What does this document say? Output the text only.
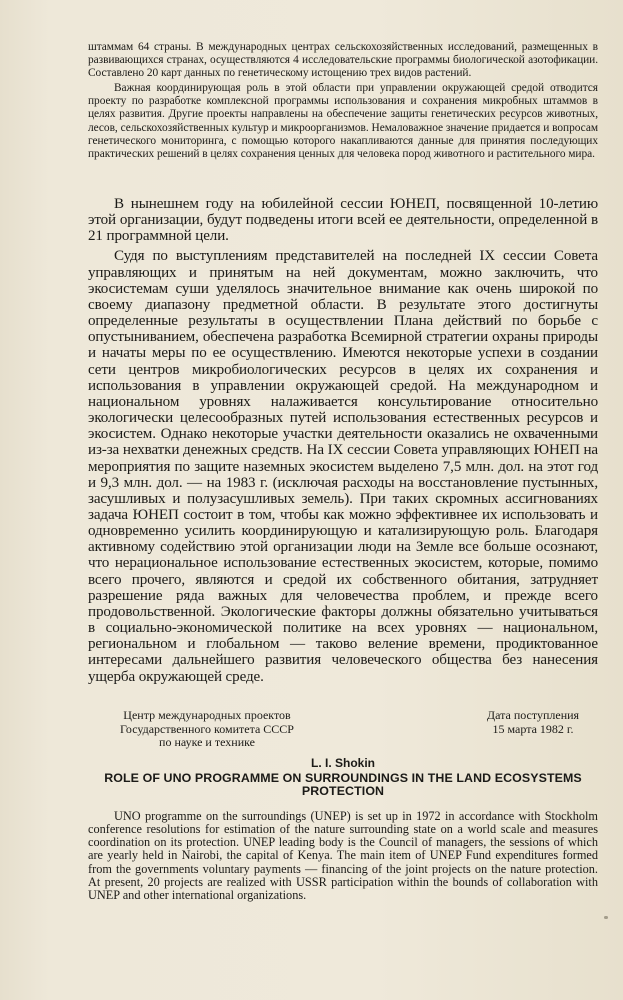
штаммам 64 страны. В международных центрах сельскохозяйственных исследований, размещенных в развивающихся странах, осуществляются 4 исследовательские программы биологической азотофикации. Составлено 20 карт данных по генетическому истощению трех видов растений.

Важная координирующая роль в этой области при управлении окружающей средой отводится проекту по разработке комплексной программы использования и сохранения микробных штаммов в целях развития. Другие проекты направлены на обеспечение защиты генетических ресурсов животных, лесов, сельскохозяйственных культур и микроорганизмов. Немаловажное значение придается и вопросам генетического мониторинга, с помощью которого накапливаются данные для принятия последующих практических решений в целях сохранения ценных для человека пород животного и растительного мира.

В нынешнем году на юбилейной сессии ЮНЕП, посвященной 10-летию этой организации, будут подведены итоги всей ее деятельности, определенной в 21 программной цели.

Судя по выступлениям представителей на последней IX сессии Совета управляющих и принятым на ней документам, можно заключить, что экосистемам суши уделялось значительное внимание как очень широкой по своему диапазону предметной области. В результате этого достигнуты определенные результаты в осуществлении Плана действий по борьбе с опустыниванием, обеспечена разработка Всемирной стратегии охраны природы и начаты меры по ее осуществлению. Имеются некоторые успехи в создании сети центров микробиологических ресурсов в целях их сохранения и использования в управлении окружающей средой. На международном и национальном уровнях налаживается консультирование относительно экологически целесообразных путей использования естественных ресурсов и экосистем. Однако некоторые участки деятельности оказались не охваченными из-за нехватки денежных средств. На IX сессии Совета управляющих ЮНЕП на мероприятия по защите наземных экосистем выделено 7,5 млн. дол. на этот год и 9,3 млн. дол. — на 1983 г. (исключая расходы на восстановление пустынных, засушливых и полузасушливых земель). При таких скромных ассигнованиях задача ЮНЕП состоит в том, чтобы как можно эффективнее их использовать и одновременно усилить координирующую и катализирующую роль. Благодаря активному содействию этой организации люди на Земле все больше осознают, что нерациональное использование естественных экосистем, которые, помимо всего прочего, являются и средой их собственного обитания, затрудняет разрешение ряда важных для человечества проблем, и прежде всего продовольственной. Экологические факторы должны обязательно учитываться в социально-экономической политике на всех уровнях — национальном, региональном и глобальном — таково веление времени, продиктованное интересами дальнейшего развития человеческого общества без нанесения ущерба окружающей среде.

Центр международных проектов
Государственного комитета СССР
по науке и технике
Дата поступления
15 марта 1982 г.
L. I. Shokin
ROLE OF UNO PROGRAMME ON SURROUNDINGS IN THE LAND ECOSYSTEMS PROTECTION

UNO programme on the surroundings (UNEP) is set up in 1972 in accordance with Stockholm conference resolutions for estimation of the nature surrounding state on a world scale and measures coordination on its protection. UNEP leading body is the Council of managers, the sessions of which are yearly held in Nairobi, the capital of Kenya. The main item of UNEP Fund expenditures formed from the governments voluntary payments — financing of the joint projects on the nature protection. At present, 20 projects are realized with USSR participation within the bounds of collaboration with UNEP and other international organizations.
